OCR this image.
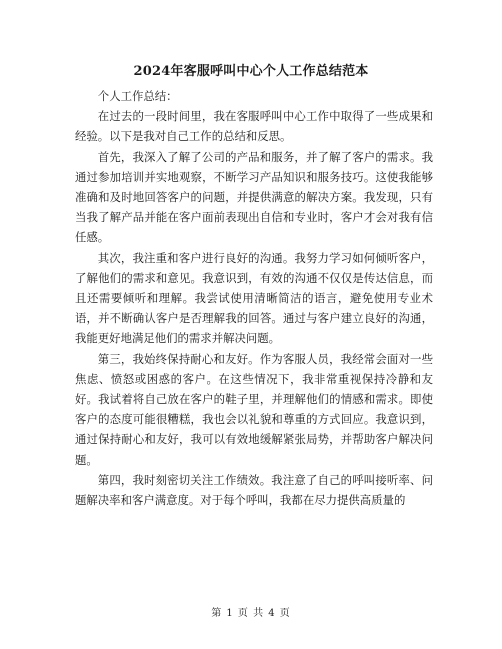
2024年客服呼叫中心个人工作总结范本

个人工作总结：

在过去的一段时间里，我在客服呼叫中心工作中取得了一些成果和经验。以下是我对自己工作的总结和反思。

首先，我深入了解了公司的产品和服务，并了解了客户的需求。我通过参加培训并实地观察，不断学习产品知识和服务技巧。这使我能够准确和及时地回答客户的问题，并提供满意的解决方案。我发现，只有当我了解产品并能在客户面前表现出自信和专业时，客户才会对我有信任感。

其次，我注重和客户进行良好的沟通。我努力学习如何倾听客户，了解他们的需求和意见。我意识到，有效的沟通不仅仅是传达信息，而且还需要倾听和理解。我尝试使用清晰简洁的语言，避免使用专业术语，并不断确认客户是否理解我的回答。通过与客户建立良好的沟通，我能更好地满足他们的需求并解决问题。

第三，我始终保持耐心和友好。作为客服人员，我经常会面对一些焦虑、愤怒或困惑的客户。在这些情况下，我非常重视保持冷静和友好。我试着将自己放在客户的鞋子里，并理解他们的情感和需求。即使客户的态度可能很糟糕，我也会以礼貌和尊重的方式回应。我意识到，通过保持耐心和友好，我可以有效地缓解紧张局势，并帮助客户解决问题。

第四，我时刻密切关注工作绩效。我注意了自己的呼叫接听率、问题解决率和客户满意度。对于每个呼叫，我都在尽力提供高质量的

第 1 页 共 4 页
